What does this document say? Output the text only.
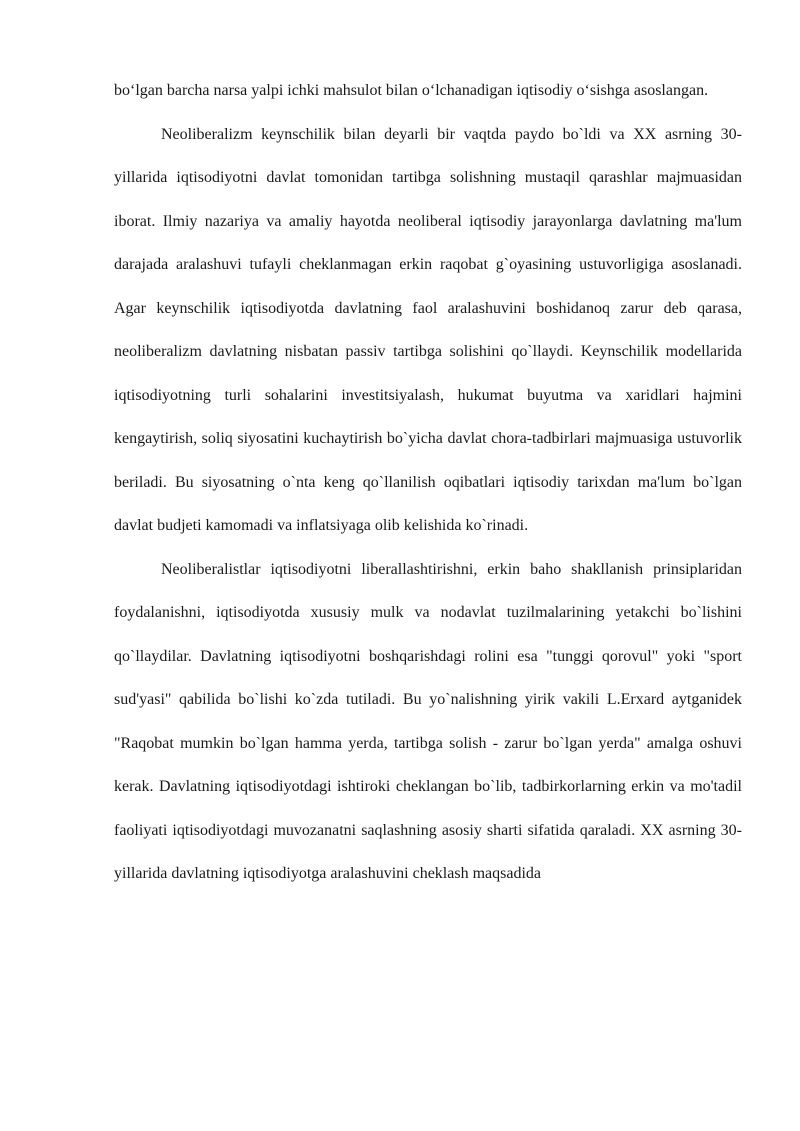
boʻlgan barcha narsa yalpi ichki mahsulot bilan oʻlchanadigan iqtisodiy oʻsishga asoslangan.

Neoliberalizm keynschilik bilan deyarli bir vaqtda paydo bo`ldi va XX asrning 30- yillarida iqtisodiyotni davlat tomonidan tartibga solishning mustaqil qarashlar majmuasidan iborat. Ilmiy nazariya va amaliy hayotda neoliberal iqtisodiy jarayonlarga davlatning ma'lum darajada aralashuvi tufayli cheklanmagan erkin raqobat g`oyasining ustuvorligiga asoslanadi. Agar keynschilik iqtisodiyotda davlatning faol aralashuvini boshidanoq zarur deb qarasa, neoliberalizm davlatning nisbatan passiv tartibga solishini qo`llaydi. Keynschilik modellarida iqtisodiyotning turli sohalarini investitsiyalash, hukumat buyutma va xaridlari hajmini kengaytirish, soliq siyosatini kuchaytirish bo`yicha davlat chora-tadbirlari majmuasiga ustuvorlik beriladi. Bu siyosatning o`nta keng qo`llanilish oqibatlari iqtisodiy tarixdan ma'lum bo`lgan davlat budjeti kamomadi va inflatsiyaga olib kelishida ko`rinadi.

Neoliberalistlar iqtisodiyotni liberallashtirishni, erkin baho shakllanish prinsiplaridan foydalanishni, iqtisodiyotda xususiy mulk va nodavlat tuzilmalarining yetakchi bo`lishini qo`llaydilar. Davlatning iqtisodiyotni boshqarishdagi rolini esa "tunggi qorovul" yoki "sport sud'yasi" qabilida bo`lishi ko`zda tutiladi. Bu yo`nalishning yirik vakili L.Erxard aytganidek "Raqobat mumkin bo`lgan hamma yerda, tartibga solish - zarur bo`lgan yerda" amalga oshuvi kerak. Davlatning iqtisodiyotdagi ishtiroki cheklangan bo`lib, tadbirkorlarning erkin va mo'tadil faoliyati iqtisodiyotdagi muvozanatni saqlashning asosiy sharti sifatida qaraladi. XX asrning 30-yillarida davlatning iqtisodiyotga aralashuvini cheklash maqsadida
